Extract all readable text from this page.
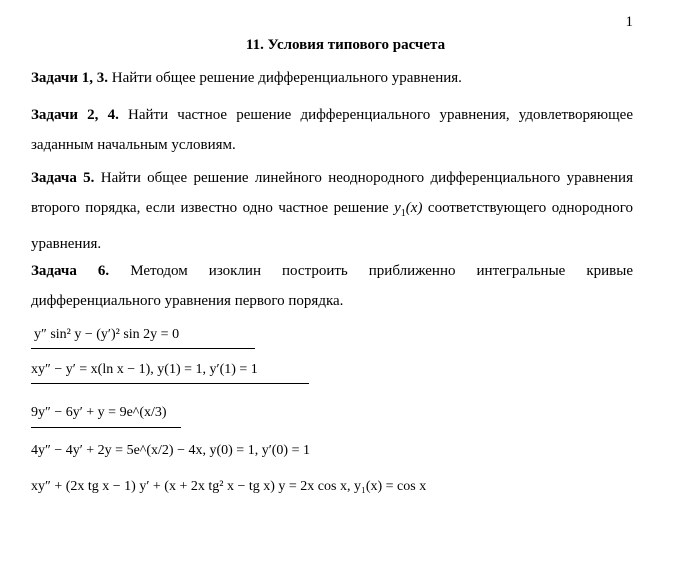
1
11. Условия типового расчета
Задачи 1, 3. Найти общее решение дифференциального уравнения.
Задачи 2, 4. Найти частное решение дифференциального уравнения, удовлетворяющее заданным начальным условиям.
Задача 5. Найти общее решение линейного неоднородного дифференциального уравнения второго порядка, если известно одно частное решение $y_1(x)$ соответствующего однородного уравнения.
Задача 6. Методом изоклин построить приближенно интегральные кривые дифференциального уравнения первого порядка.
y″ sin² y − (y′)² sin 2y = 0
xy″ − y′ = x(ln x − 1), y(1) = 1, y′(1) = 1
9y″ − 6y′ + y = 9e^(x/3)
4y″ − 4y′ + 2y = 5e^(x/2) − 4x, y(0) = 1, y′(0) = 1
xy″ + (2x tg x − 1) y′ + (x + 2x tg² x − tg x) y = 2x cos x, y₁(x) = cos x
